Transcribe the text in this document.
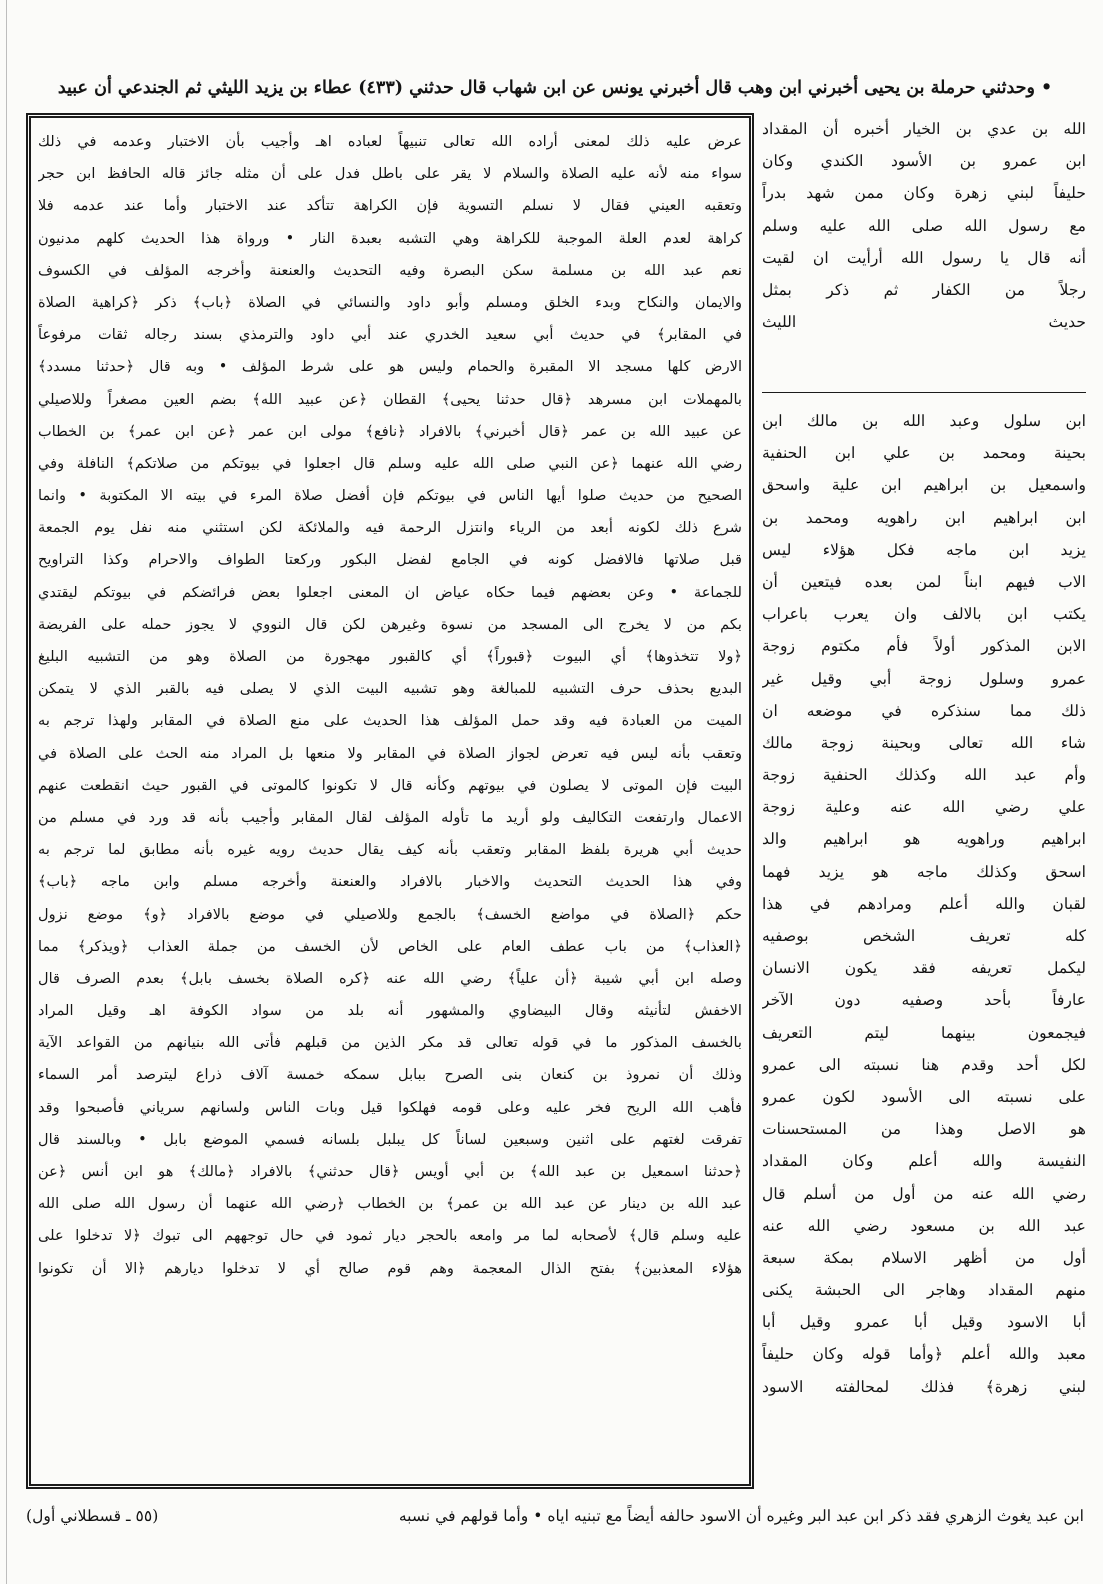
• وحدثني حرملة بن يحيى أخبرني ابن وهب قال أخبرني يونس عن ابن شهاب قال حدثني (٤٣٣) عطاء بن يزيد الليثي ثم الجندعي أن عبيد
عرض عليه ذلك لمعنى أراده الله تعالى تنبيهاً لعباده اهـ وأجيب بأن الاختبار وعدمه في ذلك
سواء منه لأنه عليه الصلاة والسلام لا يقر على باطل فدل على أن مثله جائز قاله الحافظ ابن حجر
وتعقبه العيني فقال لا نسلم التسوية فإن الكراهة تتأكد عند الاختبار وأما عند عدمه فلا
كراهة لعدم العلة الموجبة للكراهة وهي التشبه بعبدة النار • ورواة هذا الحديث كلهم مدنيون
نعم عبد الله بن مسلمة سكن البصرة وفيه التحديث والعنعنة وأخرجه المؤلف في الكسوف
والايمان والنكاح وبدء الخلق ومسلم وأبو داود والنسائي في الصلاة ﴿باب﴾ ذكر ﴿كراهية الصلاة
في المقابر﴾ في حديث أبي سعيد الخدري عند أبي داود والترمذي بسند رجاله ثقات مرفوعاً
الارض كلها مسجد الا المقبرة والحمام وليس هو على شرط المؤلف • وبه قال ﴿حدثنا مسدد﴾
بالمهملات ابن مسرهد ﴿قال حدثنا يحيى﴾ القطان ﴿عن عبيد الله﴾ بضم العين مصغراً وللاصيلي
عن عبيد الله بن عمر ﴿قال أخبرني﴾ بالافراد ﴿نافع﴾ مولى ابن عمر ﴿عن ابن عمر﴾ بن الخطاب
رضي الله عنهما ﴿عن النبي صلى الله عليه وسلم قال اجعلوا في بيوتكم من صلاتكم﴾ النافلة وفي
الصحيح من حديث صلوا أيها الناس في بيوتكم فإن أفضل صلاة المرء في بيته الا المكتوبة • وانما
شرع ذلك لكونه أبعد من الرياء وانتزل الرحمة فيه والملائكة لكن استثني منه نفل يوم الجمعة
قبل صلاتها فالافضل كونه في الجامع لفضل البكور وركعتا الطواف والاحرام وكذا التراويح
للجماعة • وعن بعضهم فيما حكاه عياض ان المعنى اجعلوا بعض فرائضكم في بيوتكم ليقتدي
بكم من لا يخرج الى المسجد من نسوة وغيرهن لكن قال النووي لا يجوز حمله على الفريضة
﴿ولا تتخذوها﴾ أي البيوت ﴿قبوراً﴾ أي كالقبور مهجورة من الصلاة وهو من التشبيه البليغ
البديع بحذف حرف التشبيه للمبالغة وهو تشبيه البيت الذي لا يصلى فيه بالقبر الذي لا يتمكن
الميت من العبادة فيه وقد حمل المؤلف هذا الحديث على منع الصلاة في المقابر ولهذا ترجم به
وتعقب بأنه ليس فيه تعرض لجواز الصلاة في المقابر ولا منعها بل المراد منه الحث على الصلاة في
البيت فإن الموتى لا يصلون في بيوتهم وكأنه قال لا تكونوا كالموتى في القبور حيث انقطعت عنهم
الاعمال وارتفعت التكاليف ولو أريد ما تأوله المؤلف لقال المقابر وأجيب بأنه قد ورد في مسلم من
حديث أبي هريرة بلفظ المقابر وتعقب بأنه كيف يقال حديث رويه غيره بأنه مطابق لما ترجم به
وفي هذا الحديث التحديث والاخبار بالافراد والعنعنة وأخرجه مسلم وابن ماجه ﴿باب﴾
حكم ﴿الصلاة في مواضع الخسف﴾ بالجمع وللاصيلي في موضع بالافراد ﴿و﴾ موضع نزول
﴿العذاب﴾ من باب عطف العام على الخاص لأن الخسف من جملة العذاب ﴿ويذكر﴾ مما
وصله ابن أبي شيبة ﴿أن علياً﴾ رضي الله عنه ﴿كره الصلاة بخسف بابل﴾ بعدم الصرف قال
الاخفش لتأنيثه وقال البيضاوي والمشهور أنه بلد من سواد الكوفة اهـ وقيل المراد
بالخسف المذكور ما في قوله تعالى قد مكر الذين من قبلهم فأتى الله بنيانهم من القواعد الآية
وذلك أن نمروذ بن كنعان بنى الصرح ببابل سمكه خمسة آلاف ذراع ليترصد أمر السماء
فأهب الله الريح فخر عليه وعلى قومه فهلكوا قيل وبات الناس ولسانهم سرياني فأصبحوا وقد
تفرقت لغتهم على اثنين وسبعين لساناً كل يبلبل بلسانه فسمي الموضع بابل • وبالسند قال
﴿حدثنا اسمعيل بن عبد الله﴾ بن أبي أويس ﴿قال حدثني﴾ بالافراد ﴿مالك﴾ هو ابن أنس ﴿عن
عبد الله بن دينار عن عبد الله بن عمر﴾ بن الخطاب ﴿رضي الله عنهما أن رسول الله صلى الله
عليه وسلم قال﴾ لأصحابه لما مر وامعه بالحجر ديار ثمود في حال توجههم الى تبوك ﴿لا تدخلوا على
هؤلاء المعذبين﴾ بفتح الذال المعجمة وهم قوم صالح أي لا تدخلوا ديارهم ﴿الا أن تكونوا
الله بن عدي بن الخيار أخبره أن المقداد
ابن عمرو بن الأسود الكندي وكان
حليفاً لبني زهرة وكان ممن شهد بدراً
مع رسول الله صلى الله عليه وسلم
أنه قال يا رسول الله أرأيت ان لقيت
رجلاً من الكفار ثم ذكر بمثل
حديث الليث
ابن سلول وعبد الله بن مالك ابن
بحينة ومحمد بن علي ابن الحنفية
واسمعيل بن ابراهيم ابن علية واسحق
ابن ابراهيم ابن راهويه ومحمد بن
يزيد ابن ماجه فكل هؤلاء ليس
الاب فيهم ابناً لمن بعده فيتعين أن
يكتب ابن بالالف وان يعرب باعراب
الابن المذكور أولاً فأم مكتوم زوجة
عمرو وسلول زوجة أبي وقيل غير
ذلك مما سنذكره في موضعه ان
شاء الله تعالى وبحينة زوجة مالك
وأم عبد الله وكذلك الحنفية زوجة
علي رضي الله عنه وعلية زوجة
ابراهيم وراهويه هو ابراهيم والد
اسحق وكذلك ماجه هو يزيد فهما
لقبان والله أعلم ومرادهم في هذا
كله تعريف الشخص بوصفيه
ليكمل تعريفه فقد يكون الانسان
عارفاً بأحد وصفيه دون الآخر
فيجمعون بينهما ليتم التعريف
لكل أحد وقدم هنا نسبته الى عمرو
على نسبته الى الأسود لكون عمرو
هو الاصل وهذا من المستحسنات
النفيسة والله أعلم وكان المقداد
رضي الله عنه من أول من أسلم قال
عبد الله بن مسعود رضي الله عنه
أول من أظهر الاسلام بمكة سبعة
منهم المقداد وهاجر الى الحبشة يكنى
أبا الاسود وقيل أبا عمرو وقيل أبا
معبد والله أعلم ﴿وأما قوله وكان حليفاً
لبني زهرة﴾ فذلك لمحالفته الاسود
ابن عبد يغوث الزهري فقد ذكر ابن عبد البر وغيره أن الاسود حالفه أيضاً مع تبنيه اياه • وأما قولهم في نسبه
(٥٥ ـ قسطلاني أول)
